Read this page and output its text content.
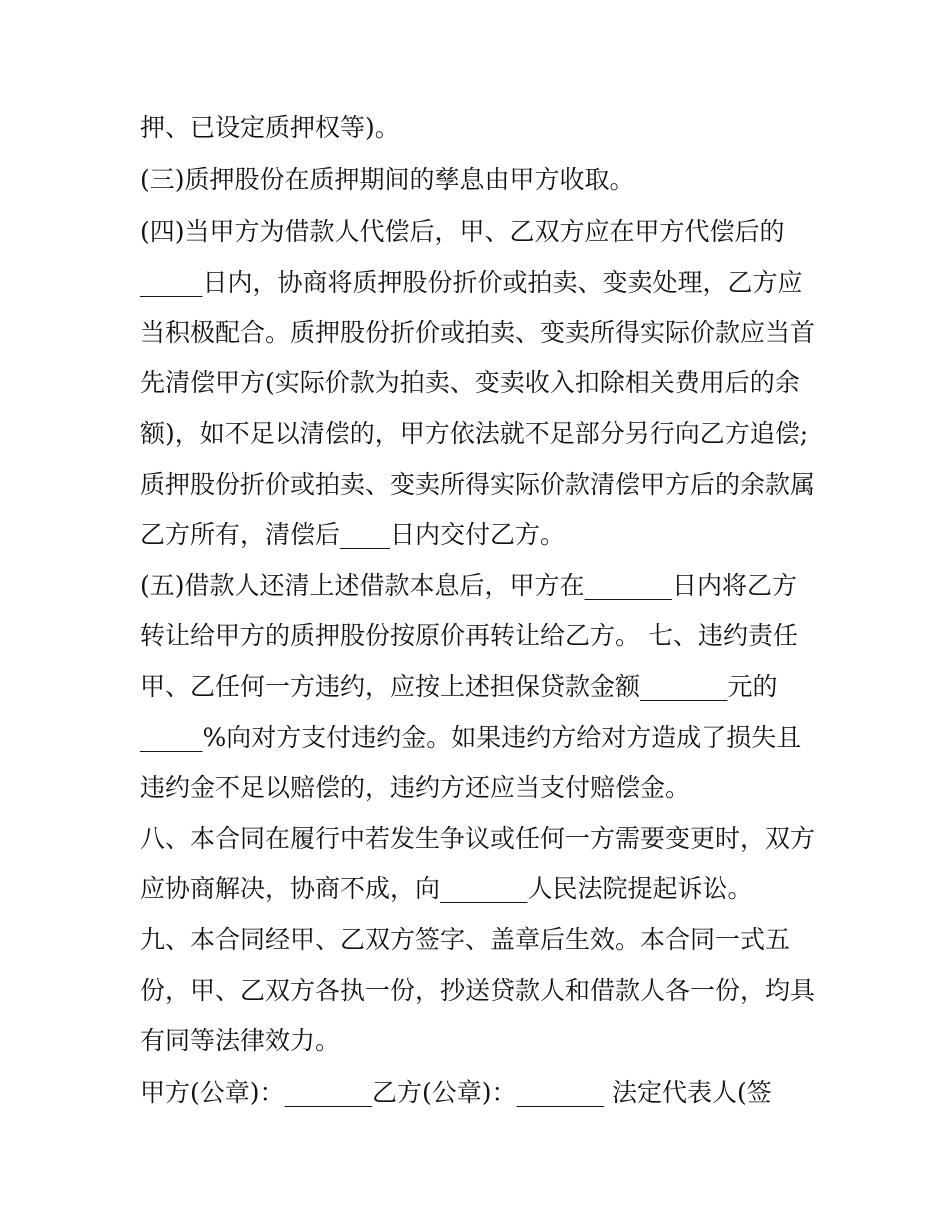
押、已设定质押权等)。
(三)质押股份在质押期间的孳息由甲方收取。
(四)当甲方为借款人代偿后，甲、乙双方应在甲方代偿后的
_____日内，协商将质押股份折价或拍卖、变卖处理，乙方应
当积极配合。质押股份折价或拍卖、变卖所得实际价款应当首
先清偿甲方(实际价款为拍卖、变卖收入扣除相关费用后的余
额)，如不足以清偿的，甲方依法就不足部分另行向乙方追偿;
质押股份折价或拍卖、变卖所得实际价款清偿甲方后的余款属
乙方所有，清偿后____日内交付乙方。
(五)借款人还清上述借款本息后，甲方在_______日内将乙方
转让给甲方的质押股份按原价再转让给乙方。 七、违约责任
甲、乙任何一方违约，应按上述担保贷款金额_______元的
_____%向对方支付违约金。如果违约方给对方造成了损失且
违约金不足以赔偿的，违约方还应当支付赔偿金。
八、本合同在履行中若发生争议或任何一方需要变更时，双方
应协商解决，协商不成，向_______人民法院提起诉讼。
九、本合同经甲、乙双方签字、盖章后生效。本合同一式五
份，甲、乙双方各执一份，抄送贷款人和借款人各一份，均具
有同等法律效力。
甲方(公章)：_______乙方(公章)：_______ 法定代表人(签
